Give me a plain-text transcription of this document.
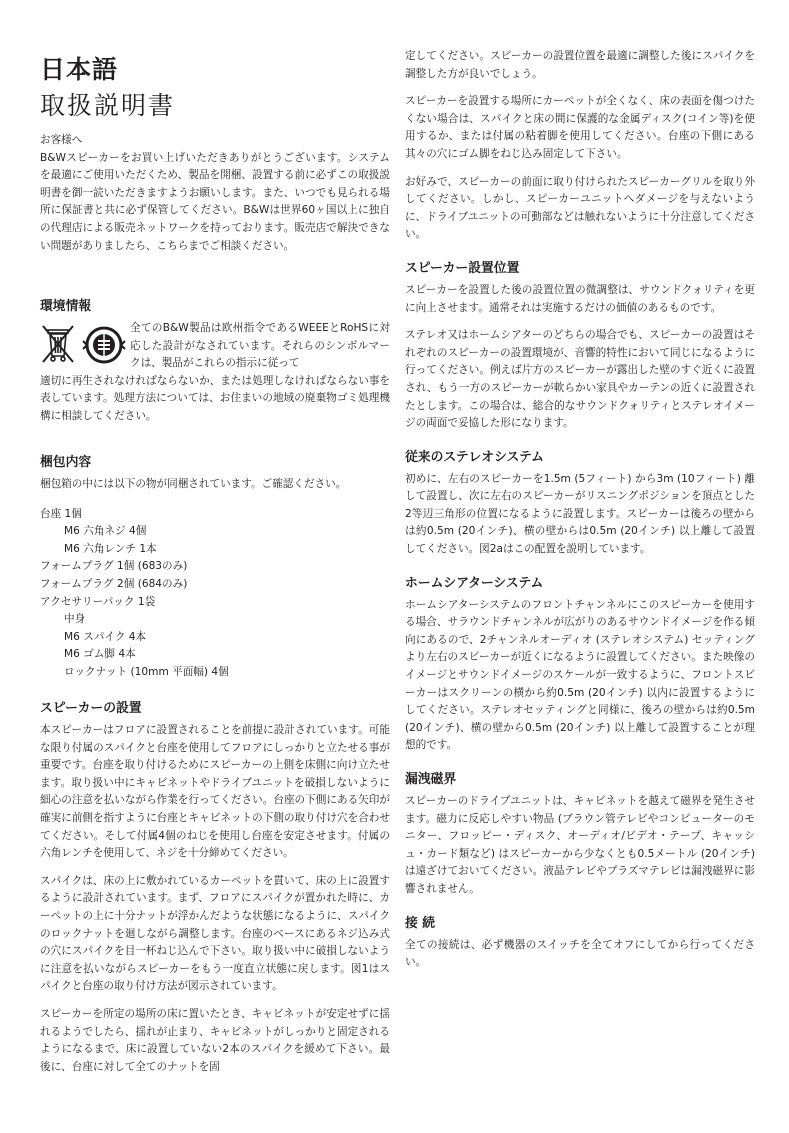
日本語
取扱説明書

お客様へ

B&Wスピーカーをお買い上げいただきありがとうございます。システムを最適にご使用いただくため、製品を開梱、設置する前に必ずこの取扱説明書を御一読いただきますようお願いします。また、いつでも見られる場所に保証書と共に必ず保管してください。B&Wは世界60ヶ国以上に独自の代理店による販売ネットワークを持っております。販売店で解決できない問題がありましたら、こちらまでご相談ください。

環境情報

全てのB&W製品は欧州指令であるWEEEとRoHSに対応した設計がなされています。それらのシンボルマークは、製品がこれらの指示に従って

適切に再生されなければならないか、または処理しなければならない事を表しています。処理方法については、お住まいの地域の廃棄物ゴミ処理機構に相談してください。

梱包内容

梱包箱の中には以下の物が同梱されています。ご確認ください。

台座 1個
M6 六角ネジ 4個
M6 六角レンチ 1本
フォームプラグ 1個 (683のみ)
フォームプラグ 2個 (684のみ)
アクセサリーパック 1袋
中身
M6 スパイク 4本
M6 ゴム脚 4本
ロックナット (10mm 平面幅) 4個
スピーカーの設置

本スピーカーはフロアに設置されることを前提に設計されています。可能な限り付属のスパイクと台座を使用してフロアにしっかりと立たせる事が重要です。台座を取り付けるためにスピーカーの上側を床側に向け立たせます。取り扱い中にキャビネットやドライブユニットを破損しないように細心の注意を払いながら作業を行ってください。台座の下側にある矢印が確実に前側を指すように台座とキャビネットの下側の取り付け穴を合わせてください。そして付属4個のねじを使用し台座を安定させます。付属の六角レンチを使用して、ネジを十分締めてください。

スパイクは、床の上に敷かれているカーペットを貫いて、床の上に設置するように設計されています。まず、フロアにスパイクが置かれた時に、カーペットの上に十分ナットが浮かんだような状態になるように、スパイクのロックナットを廻しながら調整します。台座のベースにあるネジ込み式の穴にスパイクを目一杯ねじ込んで下さい。取り扱い中に破損しないように注意を払いながらスピーカーをもう一度直立状態に戻します。図1はスパイクと台座の取り付け方法が図示されています。

スピーカーを所定の場所の床に置いたとき、キャビネットが安定せずに揺れるようでしたら、揺れが止まり、キャビネットがしっかりと固定されるようになるまで、床に設置していない2本のスパイクを緩めて下さい。最後に、台座に対して全てのナットを固

定してください。スピーカーの設置位置を最適に調整した後にスパイクを調整した方が良いでしょう。

スピーカーを設置する場所にカーペットが全くなく、床の表面を傷つけたくない場合は、スパイクと床の間に保護的な金属ディスク(コイン等)を使用するか、または付属の粘着脚を使用してください。台座の下側にある其々の穴にゴム脚をねじ込み固定して下さい。

お好みで、スピーカーの前面に取り付けられたスピーカーグリルを取り外してください。しかし、スピーカーユニットへダメージを与えないように、ドライブユニットの可動部などは触れないように十分注意してください。

スピーカー設置位置

スピーカーを設置した後の設置位置の微調整は、サウンドクォリティを更に向上させます。通常それは実施するだけの価値のあるものです。

ステレオ又はホームシアターのどちらの場合でも、スピーカーの設置はそれぞれのスピーカーの設置環境が、音響的特性において同じになるように行ってください。例えば片方のスピーカーが露出した壁のすぐ近くに設置され、もう一方のスピーカーが軟らかい家具やカーテンの近くに設置されたとします。この場合は、総合的なサウンドクォリティとステレオイメージの両面で妥協した形になります。

従来のステレオシステム

初めに、左右のスピーカーを1.5m (5フィート) から3m (10フィート) 離して設置し、次に左右のスピーカーがリスニングポジションを頂点とした2等辺三角形の位置になるように設置します。スピーカーは後ろの壁からは約0.5m (20インチ)、横の壁からは0.5m (20インチ) 以上離して設置してください。図2aはこの配置を説明しています。

ホームシアターシステム

ホームシアターシステムのフロントチャンネルにこのスピーカーを使用する場合、サラウンドチャンネルが広がりのあるサウンドイメージを作る傾向にあるので、2チャンネルオーディオ (ステレオシステム) セッティングより左右のスピーカーが近くになるように設置してください。また映像のイメージとサウンドイメージのスケールが一致するように、フロントスピーカーはスクリーンの横から約0.5m (20インチ) 以内に設置するようにしてください。ステレオセッティングと同様に、後ろの壁からは約0.5m (20インチ)、横の壁から0.5m (20インチ) 以上離して設置することが理想的です。

漏洩磁界

スピーカーのドライブユニットは、キャビネットを越えて磁界を発生させます。磁力に反応しやすい物品 (ブラウン管テレビやコンピューターのモニター、フロッピー・ディスク、オーディオ/ビデオ・テープ、キャッシュ・カード類など) はスピーカーから少なくとも0.5メートル (20インチ) は遠ざけておいてください。液晶テレビやプラズマテレビは漏洩磁界に影響されません。

接 続

全ての接続は、必ず機器のスイッチを全てオフにしてから行ってください。
